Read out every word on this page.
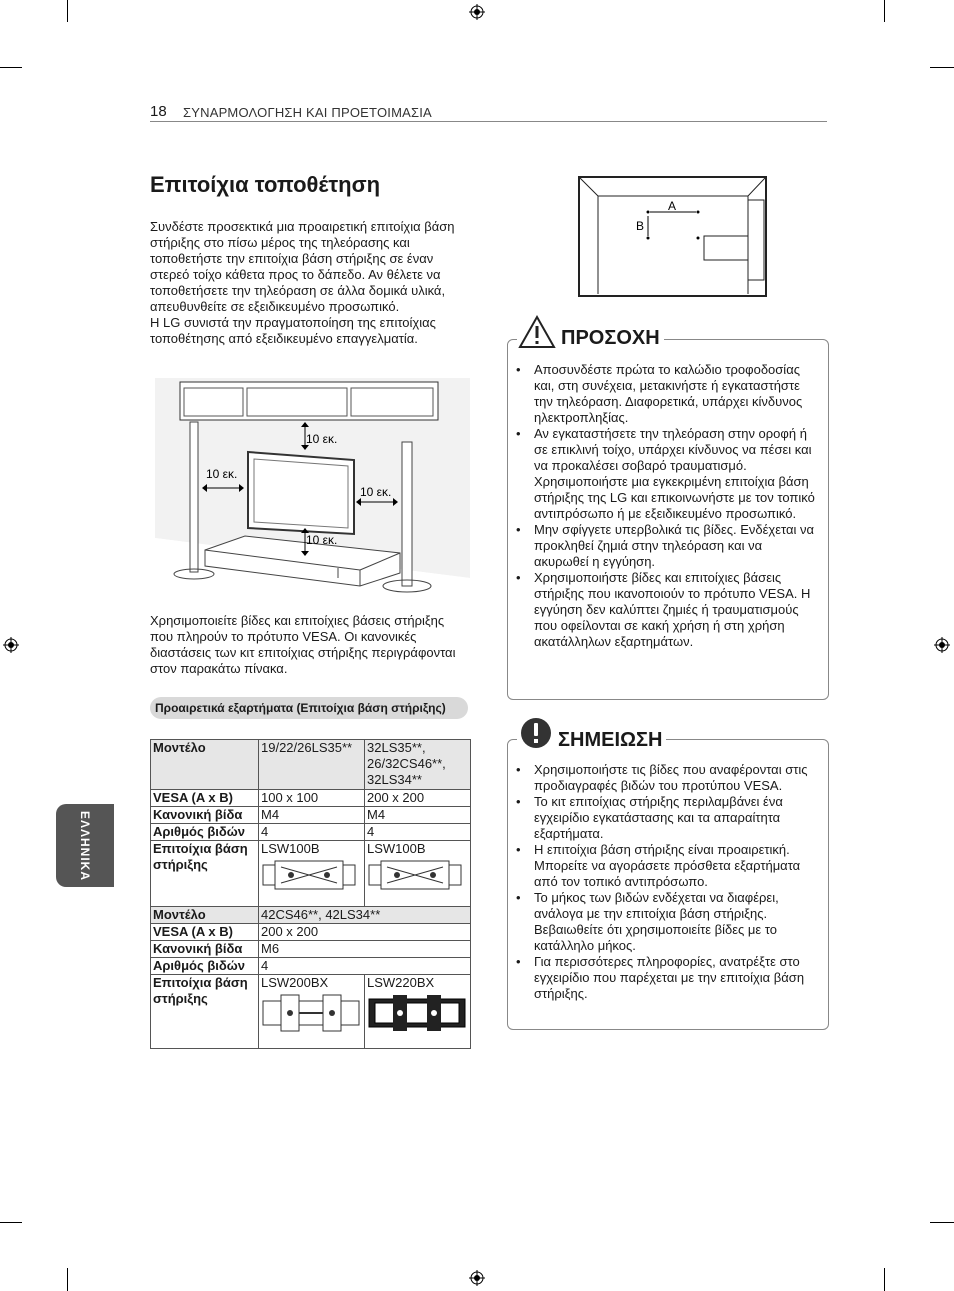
18 ΣΥΝΑΡΜΟΛΟΓΗΣΗ ΚΑΙ ΠΡΟΕΤΟΙΜΑΣΙΑ
ΕΛΛΗΝΙΚΑ
Επιτοίχια τοποθέτηση

Συνδέστε προσεκτικά μια προαιρετική επιτοίχια βάση στήριξης στο πίσω μέρος της τηλεόρασης και τοποθετήστε την επιτοίχια βάση στήριξης σε έναν στερεό τοίχο κάθετα προς το δάπεδο. Αν θέλετε να τοποθετήσετε την τηλεόραση σε άλλα δομικά υλικά, απευθυνθείτε σε εξειδικευμένο προσωπικό.

Η LG συνιστά την πραγματοποίηση της επιτοίχιας τοποθέτησης από εξειδικευμένο επαγγελματία.

10 εκ.
10 εκ.
10 εκ.
10 εκ.
Χρησιμοποιείτε βίδες και επιτοίχιες βάσεις στήριξης που πληρούν το πρότυπο VESA. Οι κανονικές διαστάσεις των κιτ επιτοίχιας στήριξης περιγράφονται στον παρακάτω πίνακα.
Προαιρετικά εξαρτήματα (Επιτοίχια βάση στήριξης)
Μοντέλο	19/22/26LS35**	32LS35**, 26/32CS46**, 32LS34**
VESA (A x B)	100 x 100	200 x 200
Κανονική βίδα	M4	M4
Αριθμός βιδών	4	4
Επιτοίχια βάση στήριξης	LSW100B	LSW100B

Μοντέλο	42CS46**, 42LS34**	
VESA (A x B)	200 x 200	
Κανονική βίδα	M6	
Αριθμός βιδών	4	
Επιτοίχια βάση στήριξης	LSW200BX	LSW220BX
A
B
• Αποσυνδέστε πρώτα το καλώδιο τροφοδοσίας και, στη συνέχεια, μετακινήστε ή εγκαταστήστε την τηλεόραση. Διαφορετικά, υπάρχει κίνδυνος ηλεκτροπληξίας.

• Αν εγκαταστήσετε την τηλεόραση στην οροφή ή σε επικλινή τοίχο, υπάρχει κίνδυνος να πέσει και να προκαλέσει σοβαρό τραυματισμό.

Χρησιμοποιήστε μια εγκεκριμένη επιτοίχια βάση στήριξης της LG και επικοινωνήστε με τον τοπικό αντιπρόσωπο ή με εξειδικευμένο προσωπικό.

• Μην σφίγγετε υπερβολικά τις βίδες. Ενδέχεται να προκληθεί ζημιά στην τηλεόραση και να ακυρωθεί η εγγύηση.

• Χρησιμοποιήστε βίδες και επιτοίχιες βάσεις στήριξης που ικανοποιούν το πρότυπο VESA. Η εγγύηση δεν καλύπτει ζημιές ή τραυματισμούς που οφείλονται σε κακή χρήση ή στη χρήση ακατάλληλων εξαρτημάτων.

ΠΡΟΣΟΧΗ
• Χρησιμοποιήστε τις βίδες που αναφέρονται στις προδιαγραφές βιδών του προτύπου VESA.

• Το κιτ επιτοίχιας στήριξης περιλαμβάνει ένα εγχειρίδιο εγκατάστασης και τα απαραίτητα εξαρτήματα.

• Η επιτοίχια βάση στήριξης είναι προαιρετική. Μπορείτε να αγοράσετε πρόσθετα εξαρτήματα από τον τοπικό αντιπρόσωπο.

• Το μήκος των βιδών ενδέχεται να διαφέρει, ανάλογα με την επιτοίχια βάση στήριξης. Βεβαιωθείτε ότι χρησιμοποιείτε βίδες με το κατάλληλο μήκος.

• Για περισσότερες πληροφορίες, ανατρέξτε στο εγχειρίδιο που παρέχεται με την επιτοίχια βάση στήριξης.

ΣΗΜΕΙΩΣΗ
